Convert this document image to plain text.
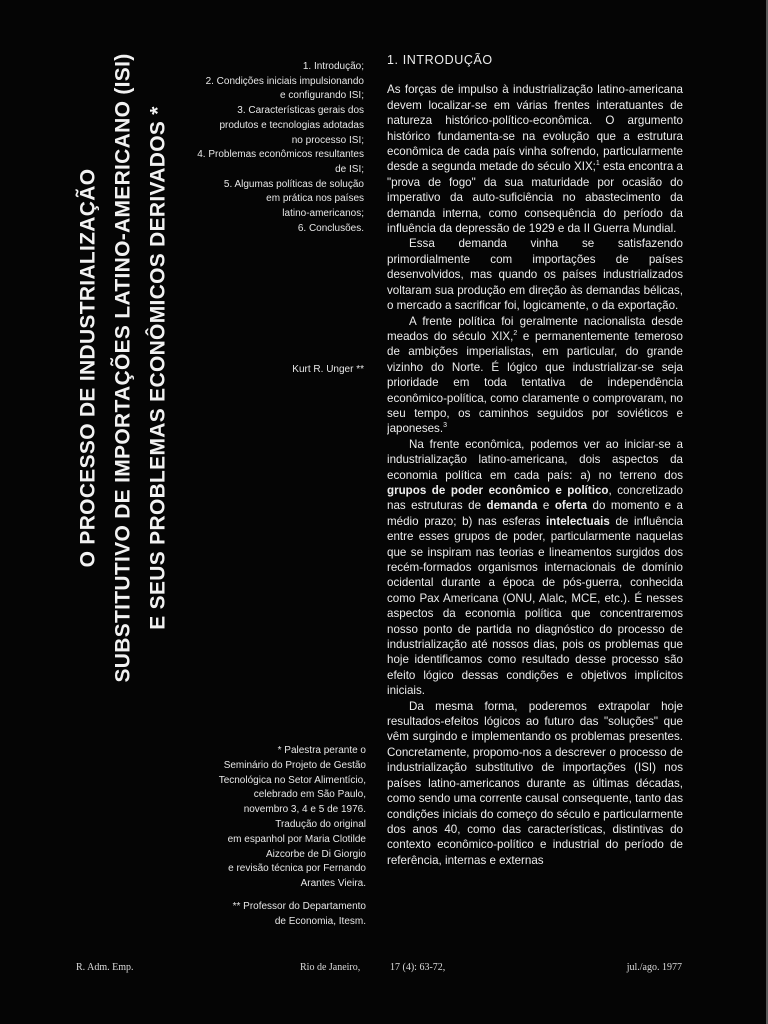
O PROCESSO DE INDUSTRIALIZAÇÃO SUBSTITUTIVO DE IMPORTAÇÕES LATINO-AMERICANO (ISI) E SEUS PROBLEMAS ECONÔMICOS DERIVADOS *
1. Introdução;
2. Condições iniciais impulsionando
e configurando ISI;
3. Características gerais dos
produtos e tecnologias adotadas
no processo ISI;
4. Problemas econômicos resultantes
de ISI;
5. Algumas políticas de solução
em prática nos países
latino-americanos;
6. Conclusões.
Kurt R. Unger **

* Palestra perante o
Seminário do Projeto de Gestão
Tecnológica no Setor Alimentício,
celebrado em São Paulo,
novembro 3, 4 e 5 de 1976.
Tradução do original
em espanhol por Maria Clotilde
Aizcorbe de Di Giorgio
e revisão técnica por Fernando
Arantes Vieira.

** Professor do Departamento
de Economia, Itesm.

1. INTRODUÇÃO

As forças de impulso à industrialização latino-americana devem localizar-se em várias frentes interatuantes de natureza histórico-político-econômica. O argumento histórico fundamenta-se na evolução que a estrutura econômica de cada país vinha sofrendo, particularmente desde a segunda metade do século XIX;$^1$ esta encontra a "prova de fogo" da sua maturidade por ocasião do imperativo da auto-suficiência no abastecimento da demanda interna, como consequência do período da influência da depressão de 1929 e da II Guerra Mundial.

Essa demanda vinha se satisfazendo primordialmente com importações de países desenvolvidos, mas quando os países industrializados voltaram sua produção em direção às demandas bélicas, o mercado a sacrificar foi, logicamente, o da exportação.

A frente política foi geralmente nacionalista desde meados do século XIX,$^2$ e permanentemente temeroso de ambições imperialistas, em particular, do grande vizinho do Norte. É lógico que industrializar-se seja prioridade em toda tentativa de independência econômico-política, como claramente o comprovaram, no seu tempo, os caminhos seguidos por soviéticos e japoneses.$^3$

Na frente econômica, podemos ver ao iniciar-se a industrialização latino-americana, dois aspectos da economia política em cada país: a) no terreno dos grupos de poder econômico e político, concretizado nas estruturas de demanda e oferta do momento e a médio prazo; b) nas esferas intelectuais de influência entre esses grupos de poder, particularmente naquelas que se inspiram nas teorias e lineamentos surgidos dos recém-formados organismos internacionais de domínio ocidental durante a época de pós-guerra, conhecida como Pax Americana (ONU, Alalc, MCE, etc.). É nesses aspectos da economia política que concentraremos nosso ponto de partida no diagnóstico do processo de industrialização até nossos dias, pois os problemas que hoje identificamos como resultado desse processo são efeito lógico dessas condições e objetivos implícitos iniciais.

Da mesma forma, poderemos extrapolar hoje resultados-efeitos lógicos ao futuro das "soluções" que vêm surgindo e implementando os problemas presentes. Concretamente, propomo-nos a descrever o processo de industrialização substitutivo de importações (ISI) nos países latino-americanos durante as últimas décadas, como sendo uma corrente causal consequente, tanto das condições iniciais do começo do século e particularmente dos anos 40, como das características, distintivas do contexto econômico-político e industrial do período de referência, internas e externas

R. Adm. Emp.	Rio de Janeiro,	17 (4): 63-72,	jul./ago. 1977
